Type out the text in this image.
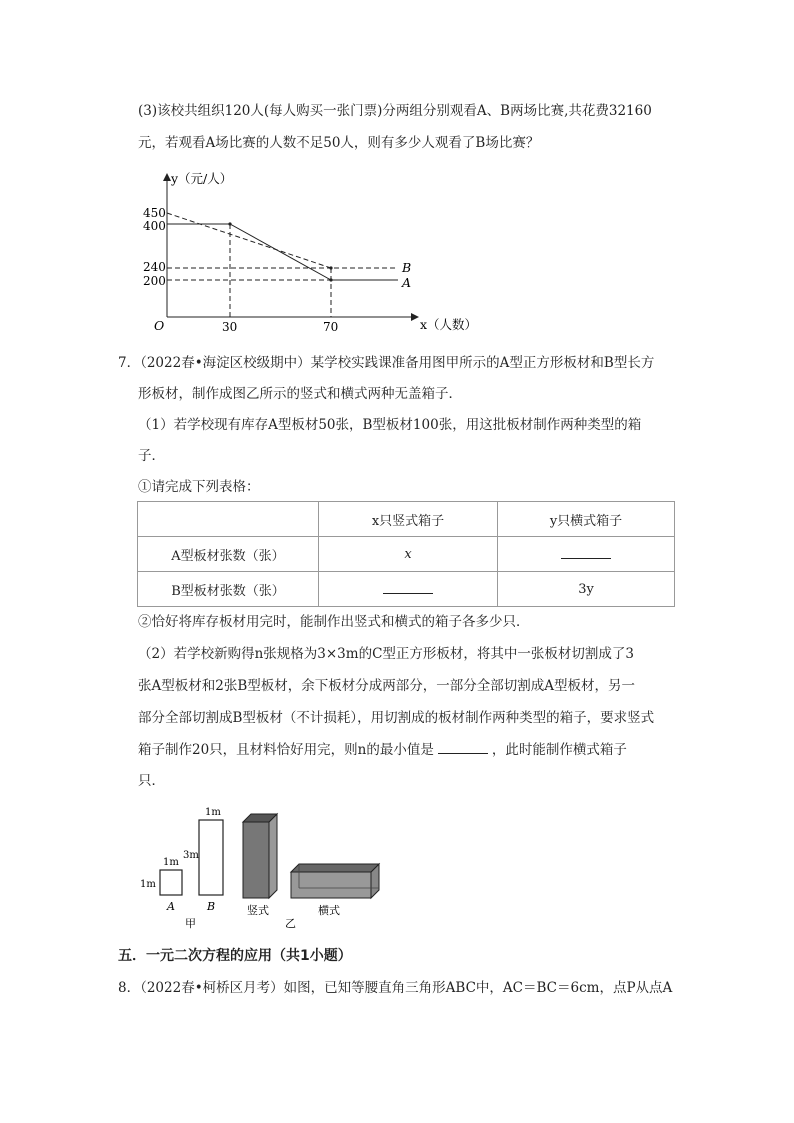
(3)该校共组织120人(每人购买一张门票)分两组分别观看A、B两场比赛,共花费32160
元，若观看A场比赛的人数不足50人，则有多少人观看了B场比赛？
y（元/人）
x（人数）
O
450
400
240
200
30	70
B
A
7．（2022春•海淀区校级期中）某学校实践课准备用图甲所示的A型正方形板材和B型长方
形板材，制作成图乙所示的竖式和横式两种无盖箱子．
（1）若学校现有库存A型板材50张，B型板材100张，用这批板材制作两种类型的箱
子．
①请完成下列表格：
	x只竖式箱子	y只横式箱子
A型板材张数（张）	x	
B型板材张数（张）		3y
②恰好将库存板材用完时，能制作出竖式和横式的箱子各多少只．
（2）若学校新购得n张规格为3×3m的C型正方形板材，将其中一张板材切割成了3
张A型板材和2张B型板材，余下板材分成两部分，一部分全部切割成A型板材，另一
部分全部切割成B型板材（不计损耗），用切割成的板材制作两种类型的箱子，要求竖式
箱子制作20只，且材料恰好用完，则n的最小值是	，此时能制作横式箱子
只．
1m
1m
A
1m
3m
B
甲
竖式
乙
横式
五．一元二次方程的应用（共1小题）
8．（2022春•柯桥区月考）如图，已知等腰直角三角形ABC中，AC＝BC＝6cm，点P从点A
